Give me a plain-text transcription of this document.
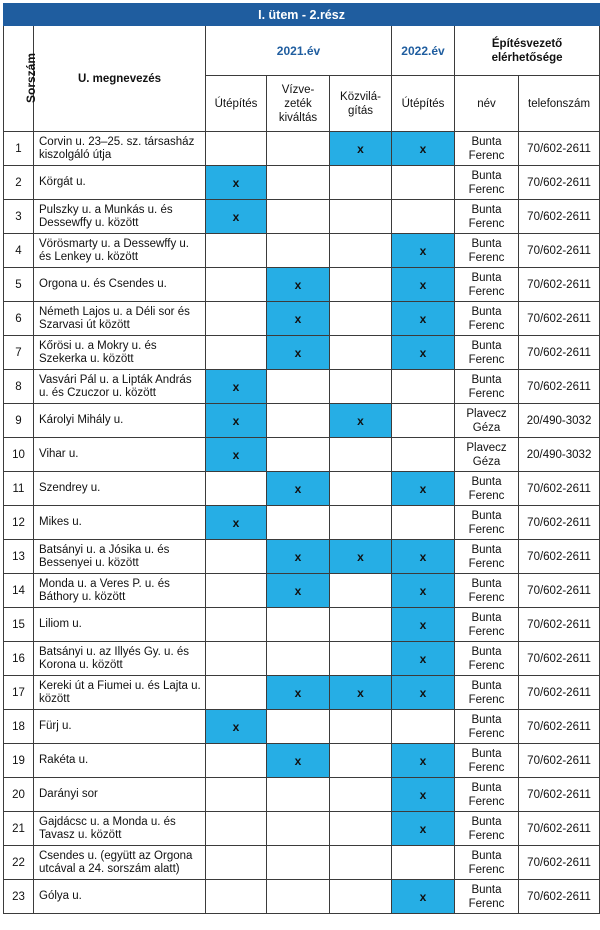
I. ütem - 2.rész							
Sorszám	U. megnevezés	2021.év			2022.év	Építésvezető elérhetősége	
		Útépítés	Vízve-zeték kiváltás	Közvilá-gítás	Útépítés	név	telefonszám
1	Corvin u. 23–25. sz. társasház kiszolgáló útja			x	x	Bunta Ferenc	70/602-2611
2	Körgát u.	x				Bunta Ferenc	70/602-2611
3	Pulszky u. a Munkás u. és Dessewffy u. között	x				Bunta Ferenc	70/602-2611
4	Vörösmarty u. a Dessewffy u. és Lenkey u. között				x	Bunta Ferenc	70/602-2611
5	Orgona u. és Csendes u.		x		x	Bunta Ferenc	70/602-2611
6	Németh Lajos u. a Déli sor és Szarvasi út között		x		x	Bunta Ferenc	70/602-2611
7	Kőrösi u. a Mokry u. és Szekerka u. között		x		x	Bunta Ferenc	70/602-2611
8	Vasvári Pál u. a Lipták András u. és Czuczor u. között	x				Bunta Ferenc	70/602-2611
9	Károlyi Mihály u.	x		x		Plavecz Géza	20/490-3032
10	Vihar u.	x				Plavecz Géza	20/490-3032
11	Szendrey u.		x		x	Bunta Ferenc	70/602-2611
12	Mikes u.	x				Bunta Ferenc	70/602-2611
13	Batsányi u. a Jósika u. és Bessenyei u. között		x	x	x	Bunta Ferenc	70/602-2611
14	Monda u. a Veres P. u. és Báthory u. között		x		x	Bunta Ferenc	70/602-2611
15	Liliom u.				x	Bunta Ferenc	70/602-2611
16	Batsányi u. az Illyés Gy. u. és Korona u. között				x	Bunta Ferenc	70/602-2611
17	Kereki út a Fiumei u. és Lajta u. között		x	x	x	Bunta Ferenc	70/602-2611
18	Fürj u.	x				Bunta Ferenc	70/602-2611
19	Rakéta u.		x		x	Bunta Ferenc	70/602-2611
20	Darányi sor				x	Bunta Ferenc	70/602-2611
21	Gajdácsc u. a Monda u. és Tavasz u. között				x	Bunta Ferenc	70/602-2611
22	Csendes u. (együtt az Orgona utcával a 24. sorszám alatt)					Bunta Ferenc	70/602-2611
23	Gólya u.				x	Bunta Ferenc	70/602-2611
